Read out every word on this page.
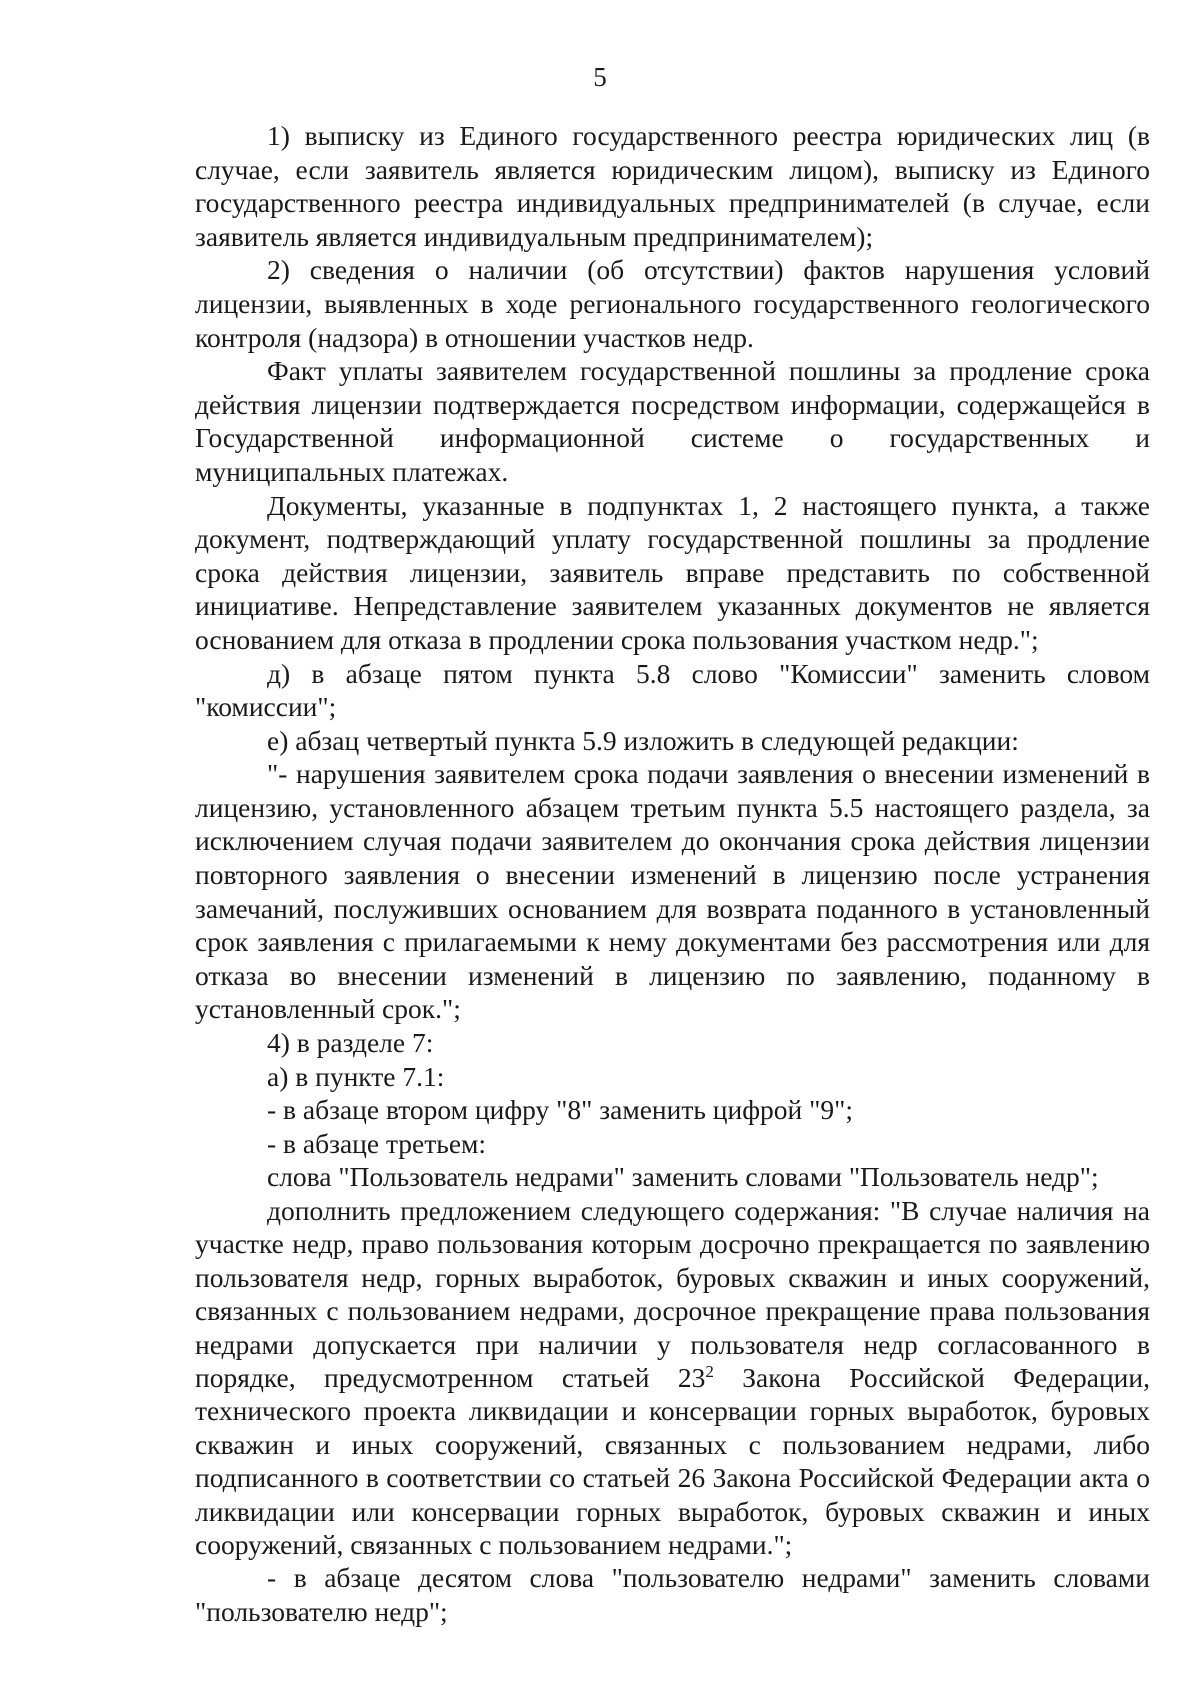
5

1) выписку из Единого государственного реестра юридических лиц (в случае, если заявитель является юридическим лицом), выписку из Единого государственного реестра индивидуальных предпринимателей (в случае, если заявитель является индивидуальным предпринимателем);

2) сведения о наличии (об отсутствии) фактов нарушения условий лицензии, выявленных в ходе регионального государственного геологического контроля (надзора) в отношении участков недр.

Факт уплаты заявителем государственной пошлины за продление срока действия лицензии подтверждается посредством информации, содержащейся в Государственной информационной системе о государственных и муниципальных платежах.

Документы, указанные в подпунктах 1, 2 настоящего пункта, а также документ, подтверждающий уплату государственной пошлины за продление срока действия лицензии, заявитель вправе представить по собственной инициативе. Непредставление заявителем указанных документов не является основанием для отказа в продлении срока пользования участком недр.";

д) в абзаце пятом пункта 5.8 слово "Комиссии" заменить словом "комиссии";

е) абзац четвертый пункта 5.9 изложить в следующей редакции:

"- нарушения заявителем срока подачи заявления о внесении изменений в лицензию, установленного абзацем третьим пункта 5.5 настоящего раздела, за исключением случая подачи заявителем до окончания срока действия лицензии повторного заявления о внесении изменений в лицензию после устранения замечаний, послуживших основанием для возврата поданного в установленный срок заявления с прилагаемыми к нему документами без рассмотрения или для отказа во внесении изменений в лицензию по заявлению, поданному в установленный срок.";

4) в разделе 7:

а) в пункте 7.1:

- в абзаце втором цифру "8" заменить цифрой "9";

- в абзаце третьем:

слова "Пользователь недрами" заменить словами "Пользователь недр";

дополнить предложением следующего содержания: "В случае наличия на участке недр, право пользования которым досрочно прекращается по заявлению пользователя недр, горных выработок, буровых скважин и иных сооружений, связанных с пользованием недрами, досрочное прекращение права пользования недрами допускается при наличии у пользователя недр согласованного в порядке, предусмотренном статьей $23^2$ Закона Российской Федерации, технического проекта ликвидации и консервации горных выработок, буровых скважин и иных сооружений, связанных с пользованием недрами, либо подписанного в соответствии со статьей 26 Закона Российской Федерации акта о ликвидации или консервации горных выработок, буровых скважин и иных сооружений, связанных с пользованием недрами.";

- в абзаце десятом слова "пользователю недрами" заменить словами "пользователю недр";
